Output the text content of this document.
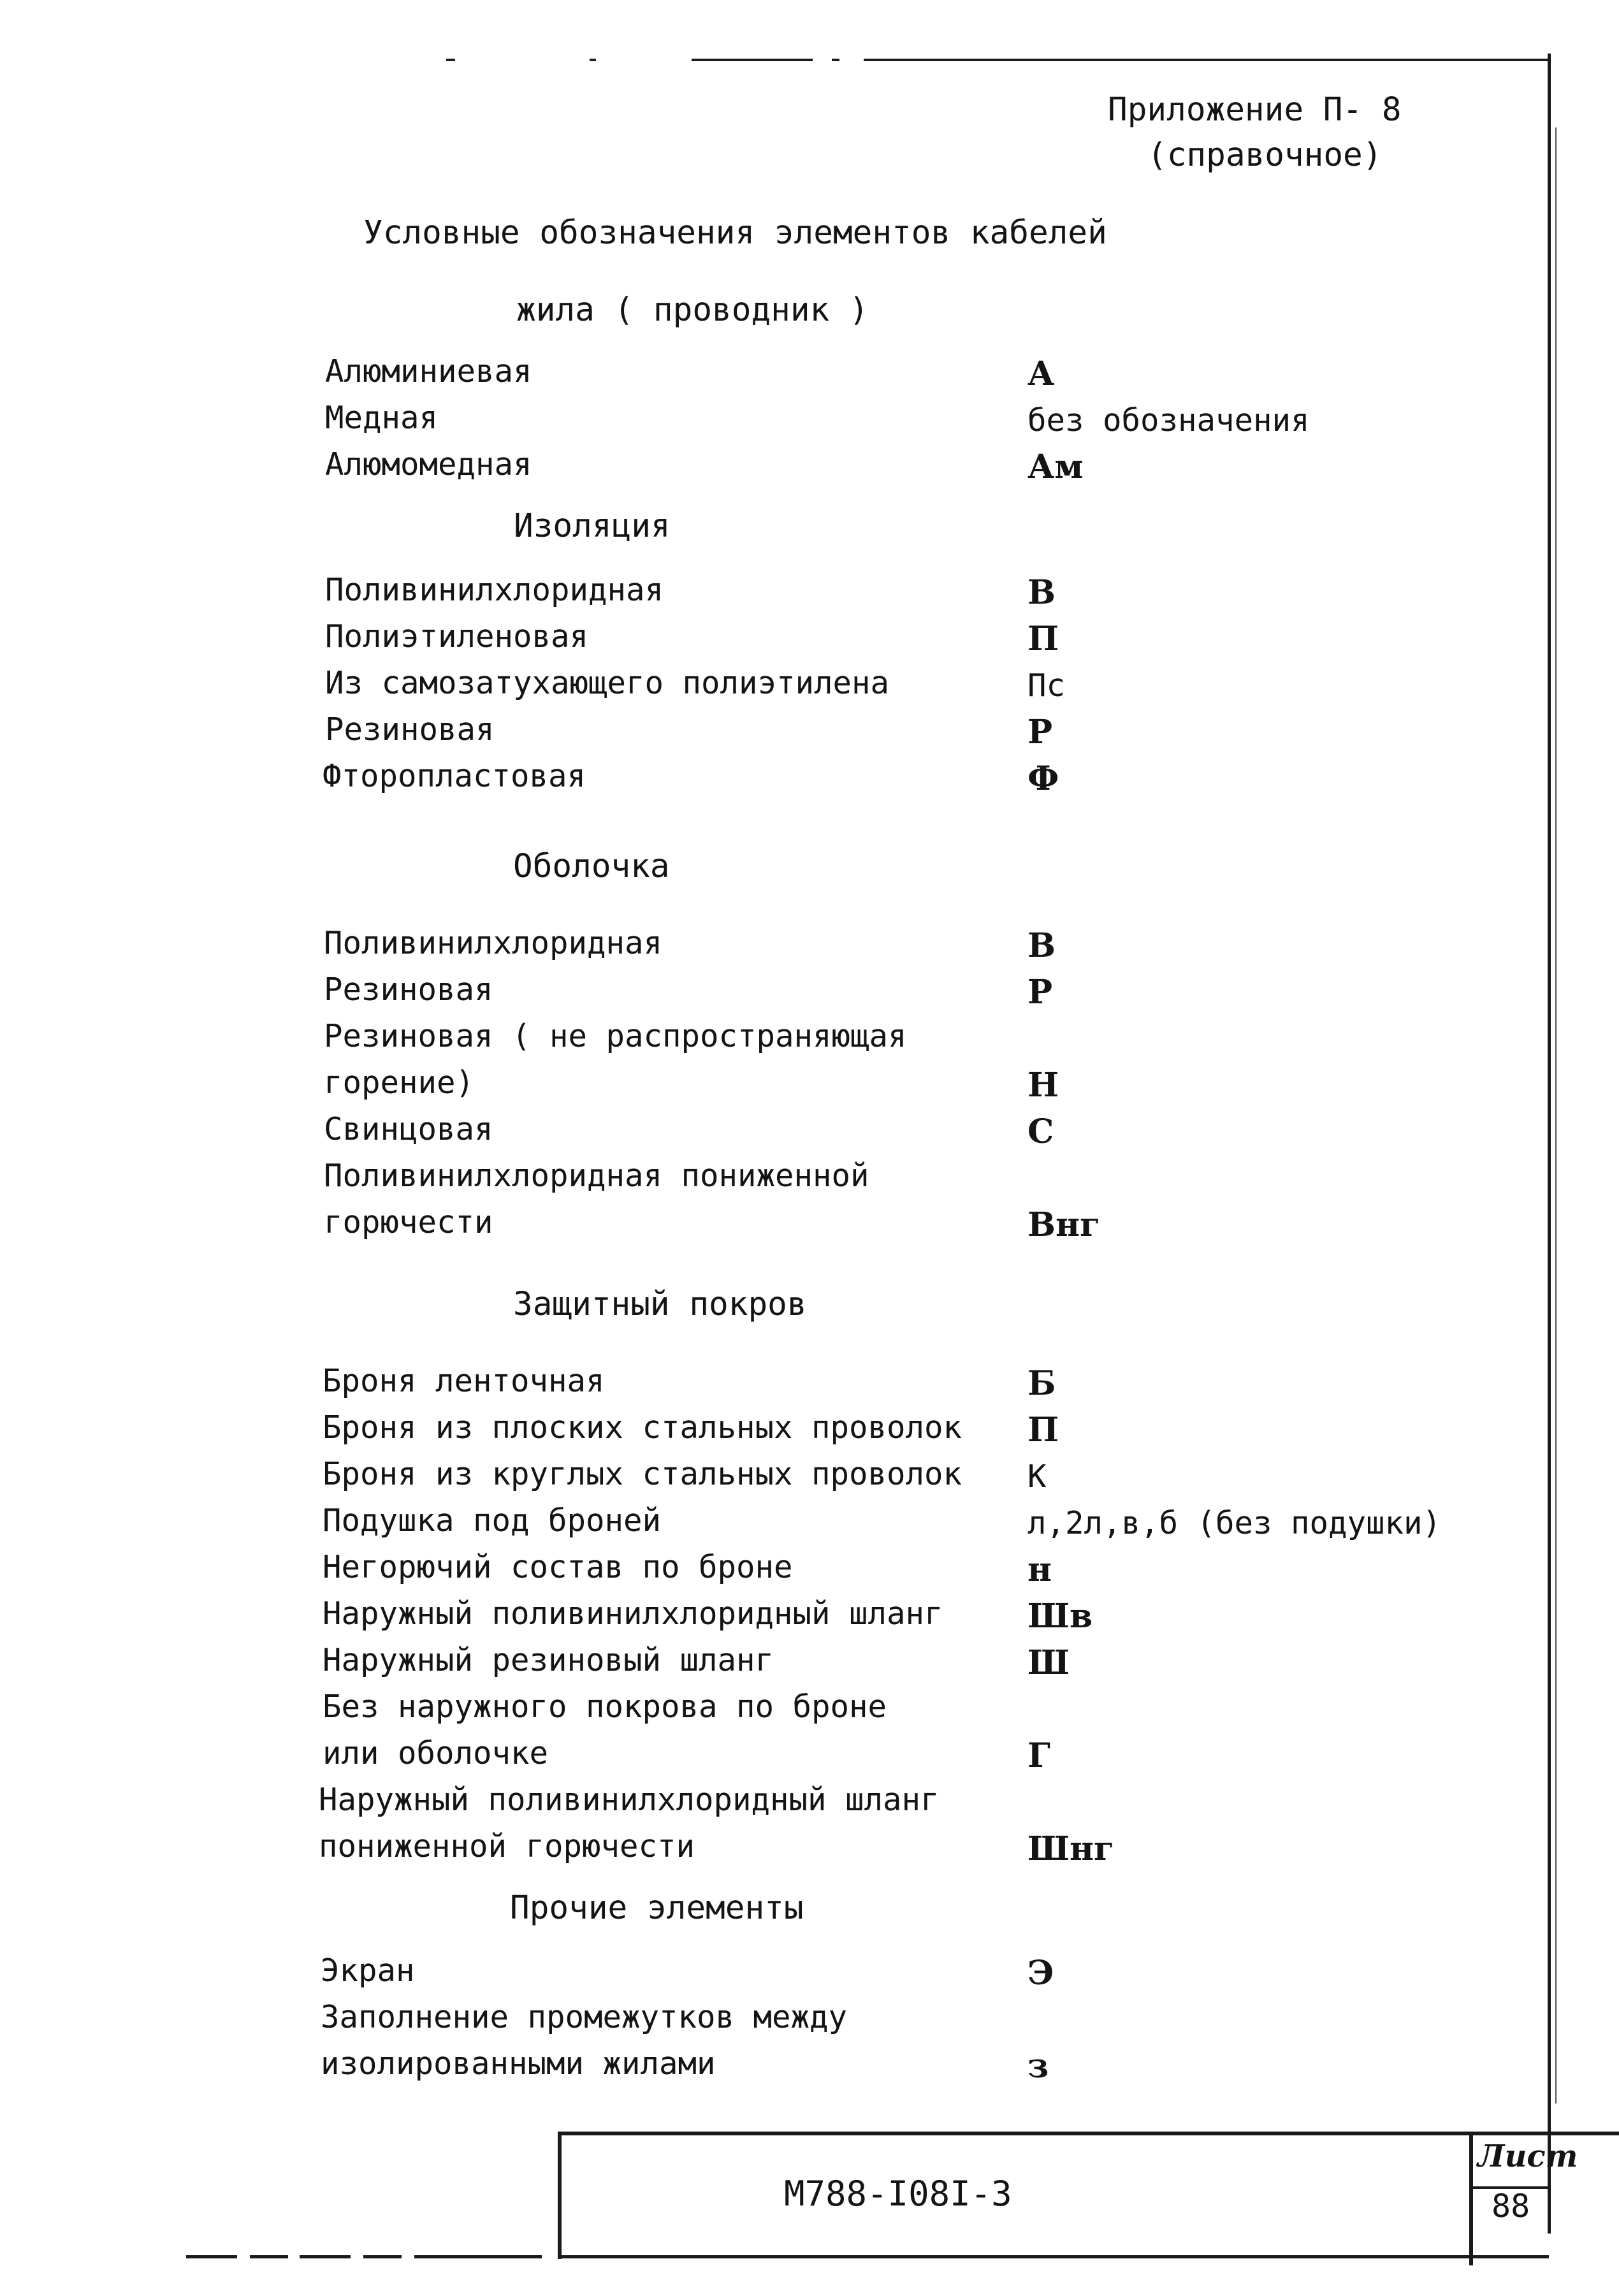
Приложение П- 8
(справочное)
Условные обозначения элементов кабелей
жила ( проводник )
Алюминиевая	А
Медная	без обозначения
Алюмомедная	Ам
Изоляция
Поливинилхлоридная	В
Полиэтиленовая	П
Из самозатухающего полиэтилена	Пс
Резиновая	Р
Фторопластовая	Ф
Оболочка
Поливинилхлоридная	В
Резиновая	Р
Резиновая ( не распространяющая
горение)	Н
Свинцовая	С
Поливинилхлоридная пониженной
горючести	Внг
Защитный покров
Броня ленточная	Б
Броня из плоских стальных проволок П
Броня из круглых стальных проволок К
Подушка под броней	л,2л,в,б (без подушки)
Негорючий состав по броне	н
Наружный поливинилхлоридный шланг	Шв
Наружный резиновый шланг	Ш
Без наружного покрова по броне
или оболочке	Г
Наружный поливинилхлоридный шланг
пониженной горючести	Шнг
Прочие элементы
Экран	Э
Заполнение промежутков между
изолированными жилами	з
М788-I08I-3
Лист
88
